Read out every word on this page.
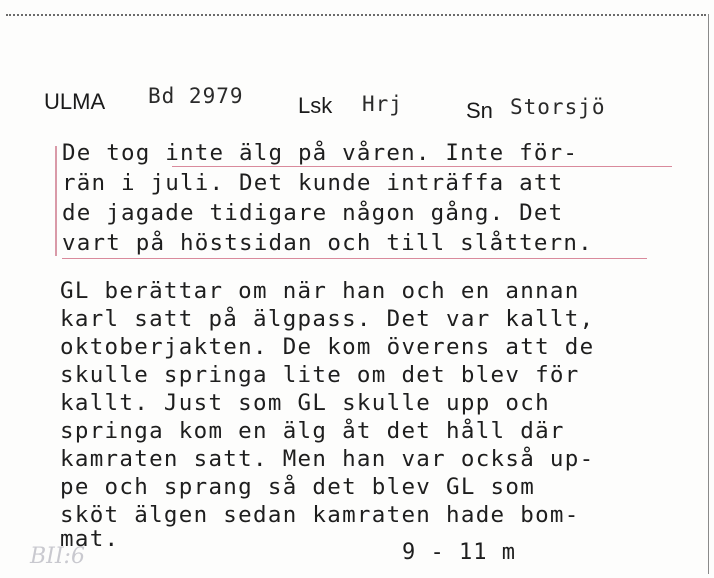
ULMA Bd 2979 Lsk Hrj	Sn Storsjö
De tog inte älg på våren. Inte för-
rän i juli. Det kunde inträffa att
de jagade tidigare någon gång. Det
vart på höstsidan och till slåttern.
GL berättar om när han och en annan
karl satt på älgpass. Det var kallt,
oktoberjakten. De kom överens att de
skulle springa lite om det blev för
kallt. Just som GL skulle upp och
springa kom en älg åt det håll där
kamraten satt. Men han var också up-
pe och sprang så det blev GL som
sköt älgen sedan kamraten hade bom-
mat.
BII:6	9 - 11 m
